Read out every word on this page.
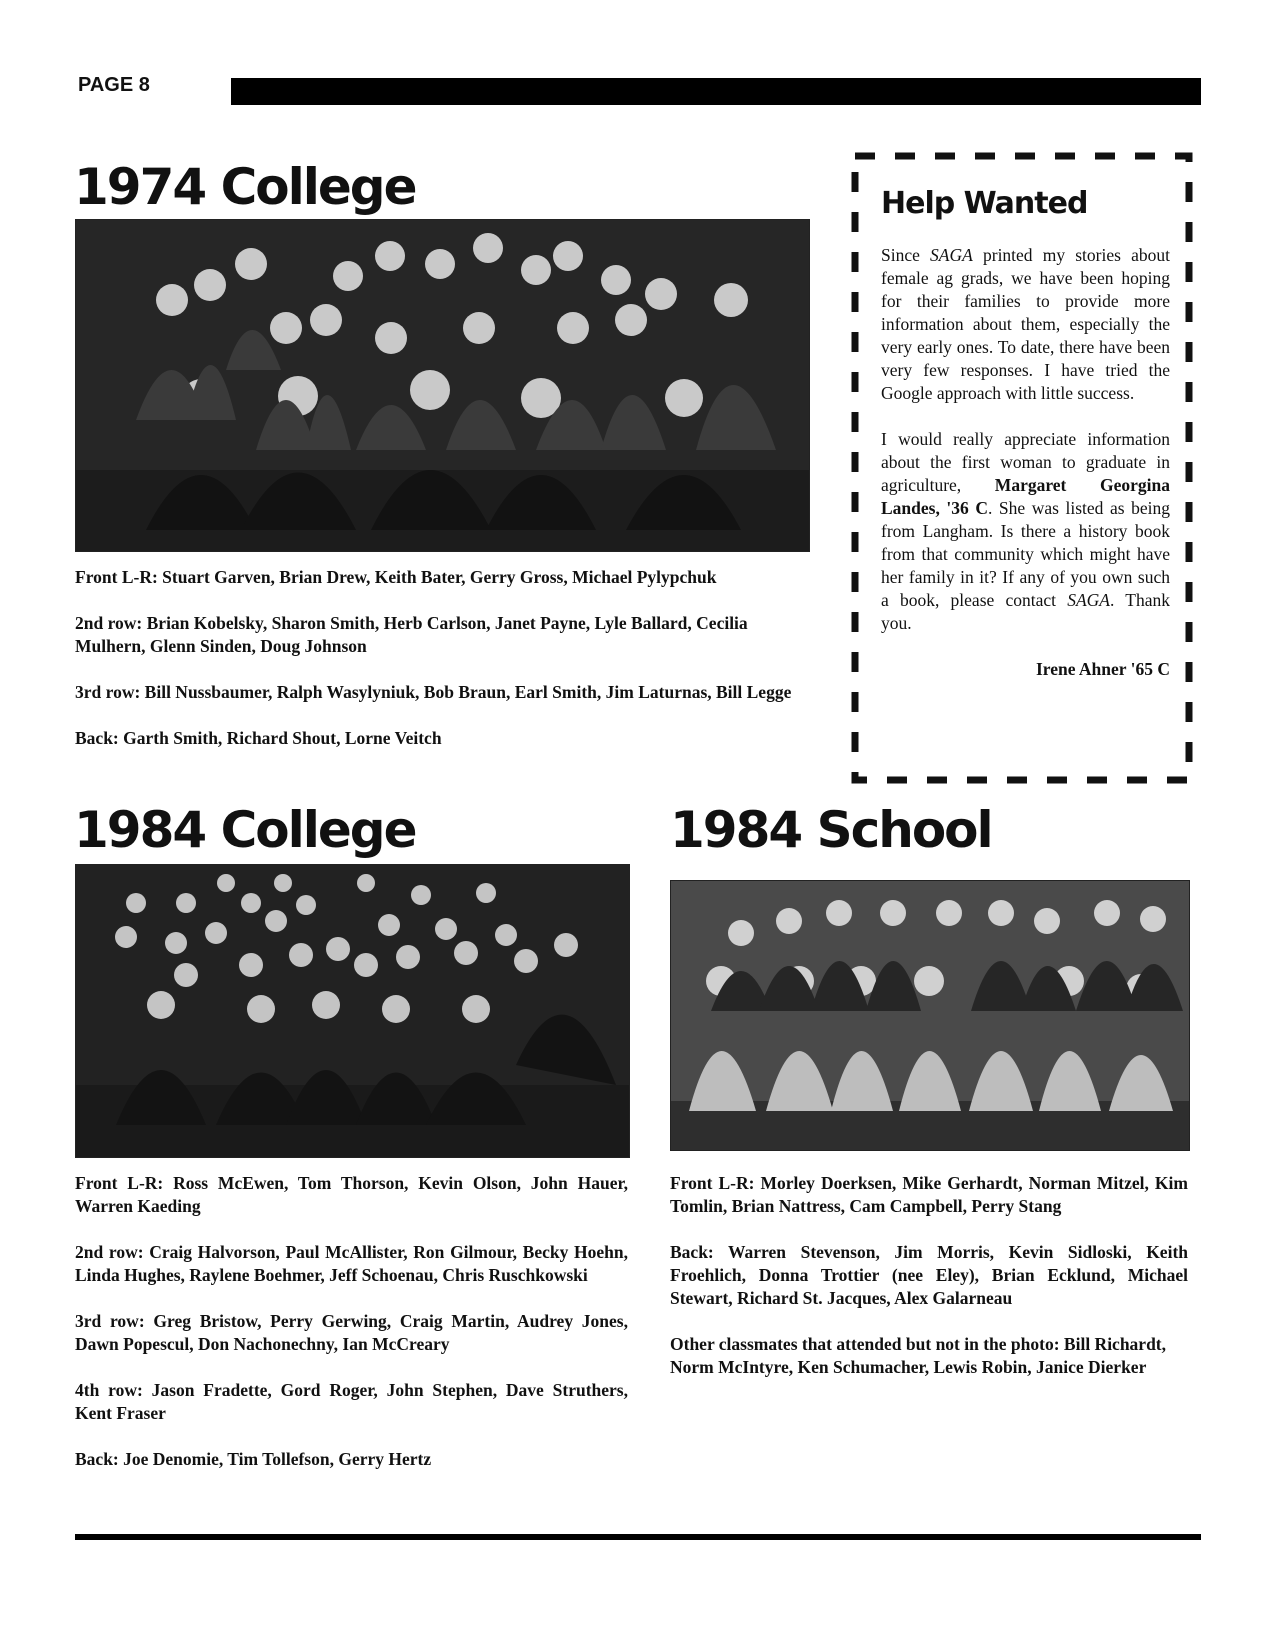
PAGE 8
1974 College

Front L-R: Stuart Garven, Brian Drew, Keith Bater, Gerry Gross, Michael Pylypchuk

2nd row: Brian Kobelsky, Sharon Smith, Herb Carlson, Janet Payne, Lyle Ballard, Cecilia Mulhern, Glenn Sinden, Doug Johnson

3rd row: Bill Nussbaumer, Ralph Wasylyniuk, Bob Braun, Earl Smith, Jim Laturnas, Bill Legge

Back: Garth Smith, Richard Shout, Lorne Veitch

Help Wanted

Since SAGA printed my stories about female ag grads, we have been hoping for their families to provide more information about them, especially the very early ones. To date, there have been very few responses. I have tried the Google approach with little success.

I would really appreciate information about the first woman to graduate in agriculture, Margaret Georgina Landes, '36 C. She was listed as being from Langham. Is there a history book from that community which might have her family in it? If any of you own such a book, please contact SAGA. Thank you.

Irene Ahner '65 C

1984 College

Front L-R: Ross McEwen, Tom Thorson, Kevin Olson, John Hauer, Warren Kaeding

2nd row: Craig Halvorson, Paul McAllister, Ron Gilmour, Becky Hoehn, Linda Hughes, Raylene Boehmer, Jeff Schoenau, Chris Ruschkowski

3rd row: Greg Bristow, Perry Gerwing, Craig Martin, Audrey Jones, Dawn Popescul, Don Nachonechny, Ian McCreary

4th row: Jason Fradette, Gord Roger, John Stephen, Dave Struthers, Kent Fraser

Back: Joe Denomie, Tim Tollefson, Gerry Hertz

1984 School

Front L-R: Morley Doerksen, Mike Gerhardt, Norman Mitzel, Kim Tomlin, Brian Nattress, Cam Campbell, Perry Stang

Back: Warren Stevenson, Jim Morris, Kevin Sidloski, Keith Froehlich, Donna Trottier (nee Eley), Brian Ecklund, Michael Stewart, Richard St. Jacques, Alex Galarneau

Other classmates that attended but not in the photo: Bill Richardt, Norm McIntyre, Ken Schumacher, Lewis Robin, Janice Dierker
